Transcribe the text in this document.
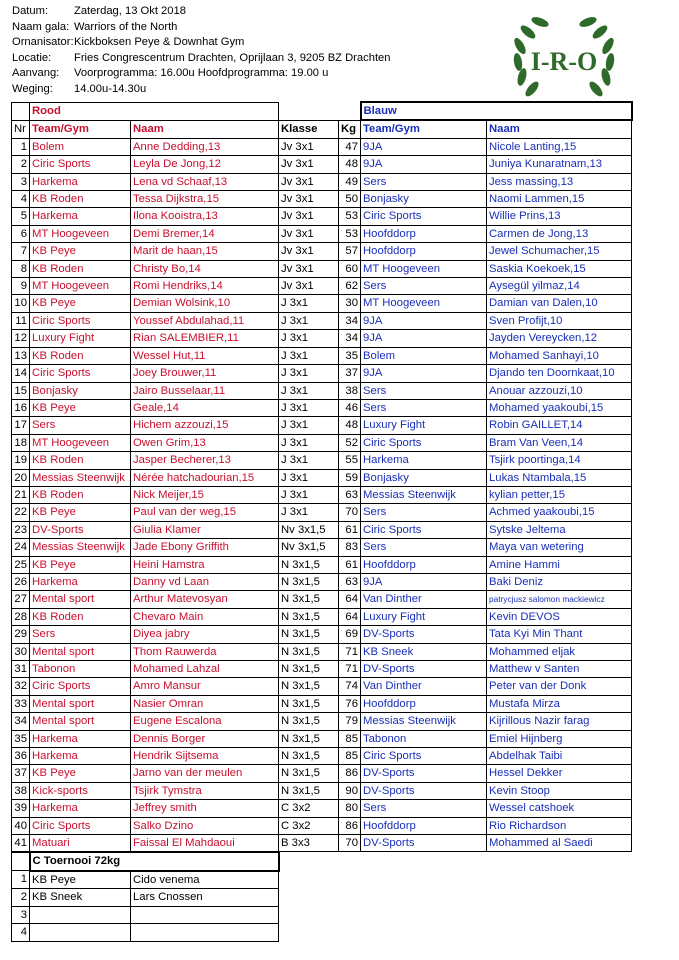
Datum: Zaterdag, 13 Okt 2018
Naam gala: Warriors of the North
Ornanisator:Kickboksen Peye & Downhat Gym
Locatie: Fries Congrescentrum Drachten, Oprijlaan 3, 9205 BZ Drachten
Aanvang: Voorprogramma: 16.00u Hoofdprogramma: 19.00 u
Weging: 14.00u-14.30u
I-R-O
	Rood				Blauw	
Nr	Team/Gym	Naam	Klasse	Kg	Team/Gym	Naam
1	Bolem	Anne Dedding,13	Jv 3x1	47	9JA	Nicole Lanting,15
2	Ciric Sports	Leyla De Jong,12	Jv 3x1	48	9JA	Juniya Kunaratnam,13
3	Harkema	Lena vd Schaaf,13	Jv 3x1	49	Sers	Jess massing,13
4	KB Roden	Tessa Dijkstra,15	Jv 3x1	50	Bonjasky	Naomi Lammen,15
5	Harkema	Ilona Kooistra,13	Jv 3x1	53	Ciric Sports	Willie Prins,13
6	MT Hoogeveen	Demi Bremer,14	Jv 3x1	53	Hoofddorp	Carmen de Jong,13
7	KB Peye	Marit de haan,15	Jv 3x1	57	Hoofddorp	Jewel Schumacher,15
8	KB Roden	Christy Bo,14	Jv 3x1	60	MT Hoogeveen	Saskia Koekoek,15
9	MT Hoogeveen	Romi Hendriks,14	Jv 3x1	62	Sers	Aysegül yilmaz,14
10	KB Peye	Demian Wolsink,10	J 3x1	30	MT Hoogeveen	Damian van Dalen,10
11	Ciric Sports	Youssef Abdulahad,11	J 3x1	34	9JA	Sven Profijt,10
12	Luxury Fight	Rian SALEMBIER,11	J 3x1	34	9JA	Jayden Vereycken,12
13	KB Roden	Wessel Hut,11	J 3x1	35	Bolem	Mohamed Sanhayi,10
14	Ciric Sports	Joey Brouwer,11	J 3x1	37	9JA	Djando ten Doornkaat,10
15	Bonjasky	Jairo Busselaar,11	J 3x1	38	Sers	Anouar azzouzi,10
16	KB Peye	Geale,14	J 3x1	46	Sers	Mohamed yaakoubi,15
17	Sers	Hichem azzouzi,15	J 3x1	48	Luxury Fight	Robin GAILLET,14
18	MT Hoogeveen	Owen Grim,13	J 3x1	52	Ciric Sports	Bram Van Veen,14
19	KB Roden	Jasper Becherer,13	J 3x1	55	Harkema	Tsjirk poortinga,14
20	Messias Steenwijk	Nérée hatchadourian,15	J 3x1	59	Bonjasky	Lukas Ntambala,15
21	KB Roden	Nick Meijer,15	J 3x1	63	Messias Steenwijk	kylian petter,15
22	KB Peye	Paul van der weg,15	J 3x1	70	Sers	Achmed yaakoubi,15
23	DV-Sports	Giulia Klamer	Nv 3x1,5	61	Ciric Sports	Sytske Jeltema
24	Messias Steenwijk	Jade Ebony Griffith	Nv 3x1,5	83	Sers	Maya van wetering
25	KB Peye	Heini Hamstra	N 3x1,5	61	Hoofddorp	Amine Hammi
26	Harkema	Danny vd Laan	N 3x1,5	63	9JA	Baki Deniz
27	Mental sport	Arthur Matevosyan	N 3x1,5	64	Van Dinther	patrycjusz salomon mackiewicz
28	KB Roden	Chevaro Main	N 3x1,5	64	Luxury Fight	Kevin DEVOS
29	Sers	Diyea jabry	N 3x1,5	69	DV-Sports	Tata Kyi Min Thant
30	Mental sport	Thom Rauwerda	N 3x1,5	71	KB Sneek	Mohammed eljak
31	Tabonon	Mohamed Lahzal	N 3x1,5	71	DV-Sports	Matthew v Santen
32	Ciric Sports	Amro Mansur	N 3x1,5	74	Van Dinther	Peter van der Donk
33	Mental sport	Nasier Omran	N 3x1,5	76	Hoofddorp	Mustafa Mirza
34	Mental sport	Eugene Escalona	N 3x1,5	79	Messias Steenwijk	Kijrillous Nazir farag
35	Harkema	Dennis Borger	N 3x1,5	85	Tabonon	Emiel Hijnberg
36	Harkema	Hendrik Sijtsema	N 3x1,5	85	Ciric Sports	Abdelhak Taibi
37	KB Peye	Jarno van der meulen	N 3x1,5	86	DV-Sports	Hessel Dekker
38	Kick-sports	Tsjirk Tymstra	N 3x1,5	90	DV-Sports	Kevin Stoop
39	Harkema	Jeffrey smith	C 3x2	80	Sers	Wessel catshoek
40	Ciric Sports	Salko Dzino	C 3x2	86	Hoofddorp	Rio Richardson
41	Matuari	Faissal El Mahdaoui	B 3x3	70	DV-Sports	Mohammed al Saedi
	C Toernooi 72kg	
1	KB Peye	Cido venema
2	KB Sneek	Lars Cnossen
3		
4		
